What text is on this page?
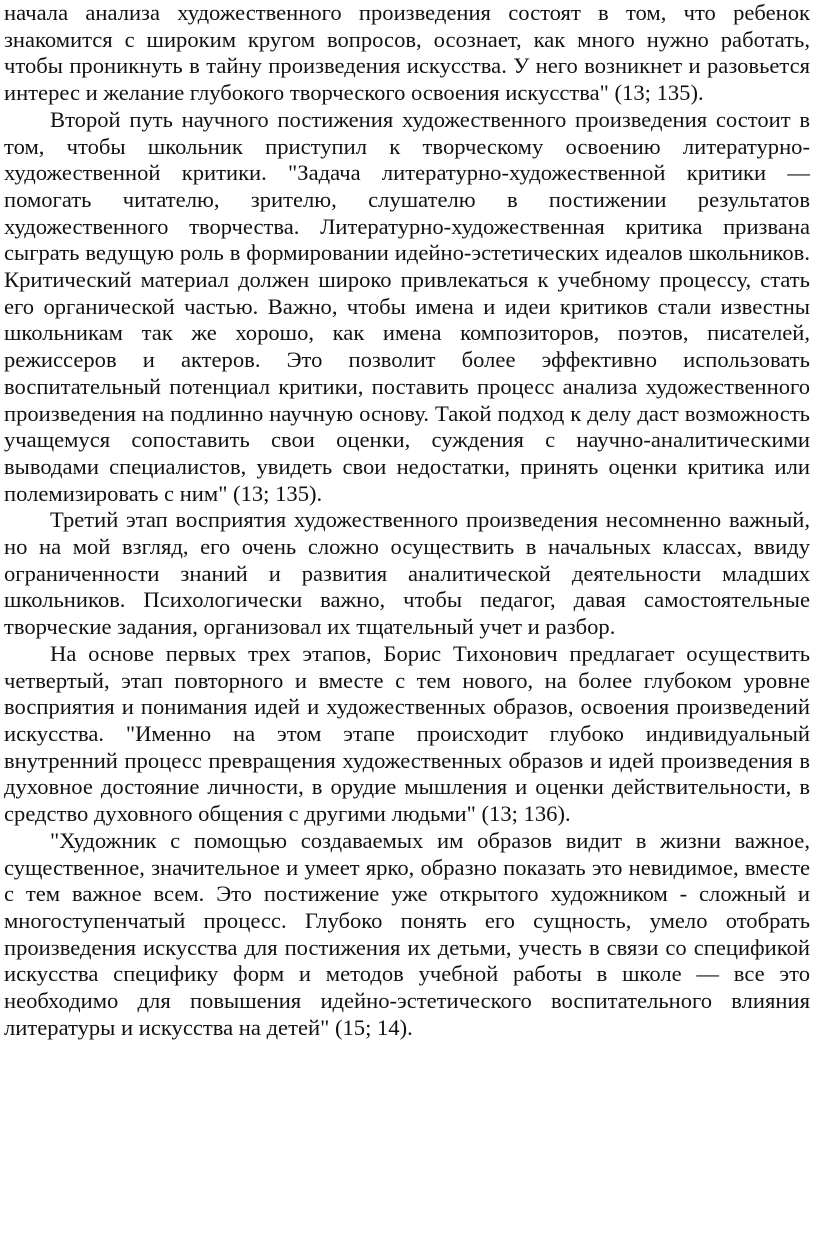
начала анализа художественного произведения состоят в том, что ребенок знакомится с широким кругом вопросов, осознает, как много нужно работать, чтобы проникнуть в тайну произведения искусства. У него возникнет и разовьется интерес и желание глубокого творческого освоения искусства" (13; 135).

Второй путь научного постижения художественного произведения состоит в том, чтобы школьник приступил к творческому освоению литературно-художественной критики. "Задача литературно-художественной критики — помогать читателю, зрителю, слушателю в постижении результатов художественного творчества. Литературно-художественная критика призвана сыграть ведущую роль в формировании идейно-эстетических идеалов школьников. Критический материал должен широко привлекаться к учебному процессу, стать его органической частью. Важно, чтобы имена и идеи критиков стали известны школьникам так же хорошо, как имена композиторов, поэтов, писателей, режиссеров и актеров. Это позволит более эффективно использовать воспитательный потенциал критики, поставить процесс анализа художественного произведения на подлинно научную основу. Такой подход к делу даст возможность учащемуся сопоставить свои оценки, суждения с научно-аналитическими выводами специалистов, увидеть свои недостатки, принять оценки критика или полемизировать с ним" (13; 135).

Третий этап восприятия художественного произведения несомненно важный, но на мой взгляд, его очень сложно осуществить в начальных классах, ввиду ограниченности знаний и развития аналитической деятельности младших школьников. Психологически важно, чтобы педагог, давая самостоятельные творческие задания, организовал их тщательный учет и разбор.

На основе первых трех этапов, Борис Тихонович предлагает осуществить четвертый, этап повторного и вместе с тем нового, на более глубоком уровне восприятия и понимания идей и художественных образов, освоения произведений искусства. "Именно на этом этапе происходит глубоко индивидуальный внутренний процесс превращения художественных образов и идей произведения в духовное достояние личности, в орудие мышления и оценки действительности, в средство духовного общения с другими людьми" (13; 136).

"Художник с помощью создаваемых им образов видит в жизни важное, существенное, значительное и умеет ярко, образно показать это невидимое, вместе с тем важное всем. Это постижение уже открытого художником - сложный и многоступенчатый процесс. Глубоко понять его сущность, умело отобрать произведения искусства для постижения их детьми, учесть в связи со спецификой искусства специфику форм и методов учебной работы в школе — все это необходимо для повышения идейно-эстетического воспитательного влияния литературы и искусства на детей" (15; 14).
